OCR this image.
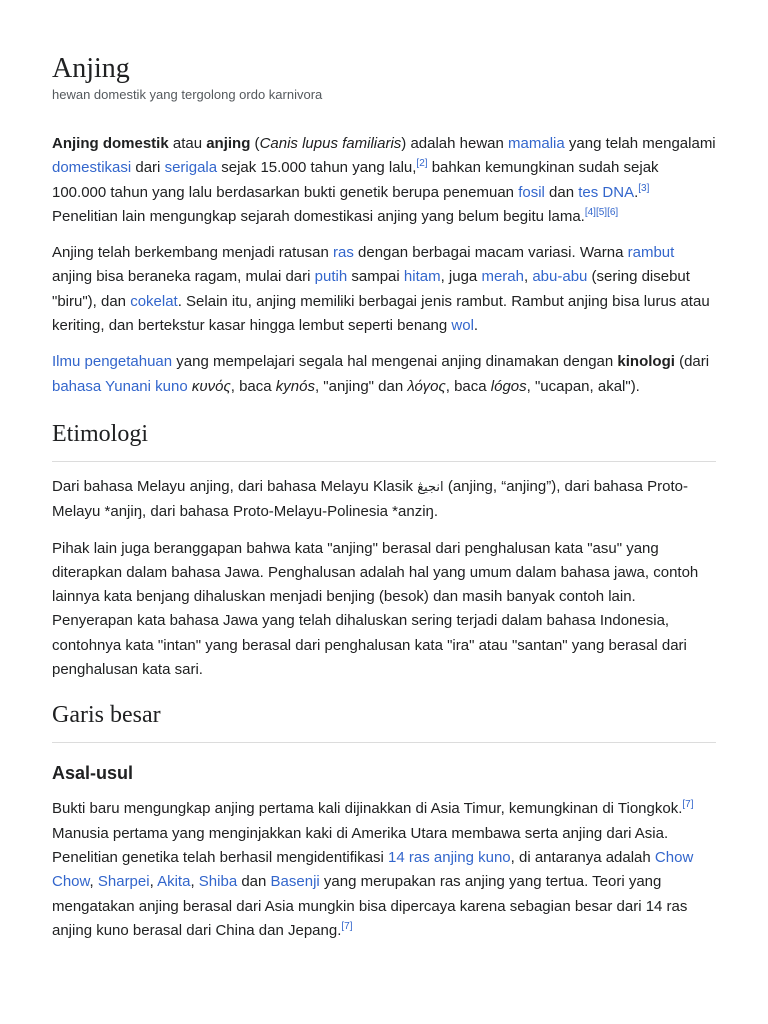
Anjing
hewan domestik yang tergolong ordo karnivora

Anjing domestik atau anjing (Canis lupus familiaris) adalah hewan mamalia yang telah mengalami domestikasi dari serigala sejak 15.000 tahun yang lalu,[2] bahkan kemungkinan sudah sejak 100.000 tahun yang lalu berdasarkan bukti genetik berupa penemuan fosil dan tes DNA.[3] Penelitian lain mengungkap sejarah domestikasi anjing yang belum begitu lama.[4][5][6]

Anjing telah berkembang menjadi ratusan ras dengan berbagai macam variasi. Warna rambut anjing bisa beraneka ragam, mulai dari putih sampai hitam, juga merah, abu-abu (sering disebut "biru"), dan cokelat. Selain itu, anjing memiliki berbagai jenis rambut. Rambut anjing bisa lurus atau keriting, dan bertekstur kasar hingga lembut seperti benang wol.

Ilmu pengetahuan yang mempelajari segala hal mengenai anjing dinamakan dengan kinologi (dari bahasa Yunani kuno κυνός, baca kynós, "anjing" dan λόγος, baca lógos, "ucapan, akal").

Etimologi

Dari bahasa Melayu anjing, dari bahasa Melayu Klasik انجيڠ (anjing, “anjing”), dari bahasa Proto-Melayu *anjiŋ, dari bahasa Proto-Melayu-Polinesia *anziŋ.

Pihak lain juga beranggapan bahwa kata "anjing" berasal dari penghalusan kata "asu" yang diterapkan dalam bahasa Jawa. Penghalusan adalah hal yang umum dalam bahasa jawa, contoh lainnya kata benjang dihaluskan menjadi benjing (besok) dan masih banyak contoh lain. Penyerapan kata bahasa Jawa yang telah dihaluskan sering terjadi dalam bahasa Indonesia, contohnya kata "intan" yang berasal dari penghalusan kata "ira" atau "santan" yang berasal dari penghalusan kata sari.

Garis besar
Asal-usul

Bukti baru mengungkap anjing pertama kali dijinakkan di Asia Timur, kemungkinan di Tiongkok.[7] Manusia pertama yang menginjakkan kaki di Amerika Utara membawa serta anjing dari Asia. Penelitian genetika telah berhasil mengidentifikasi 14 ras anjing kuno, di antaranya adalah Chow Chow, Sharpei, Akita, Shiba dan Basenji yang merupakan ras anjing yang tertua. Teori yang mengatakan anjing berasal dari Asia mungkin bisa dipercaya karena sebagian besar dari 14 ras anjing kuno berasal dari China dan Jepang.[7]
